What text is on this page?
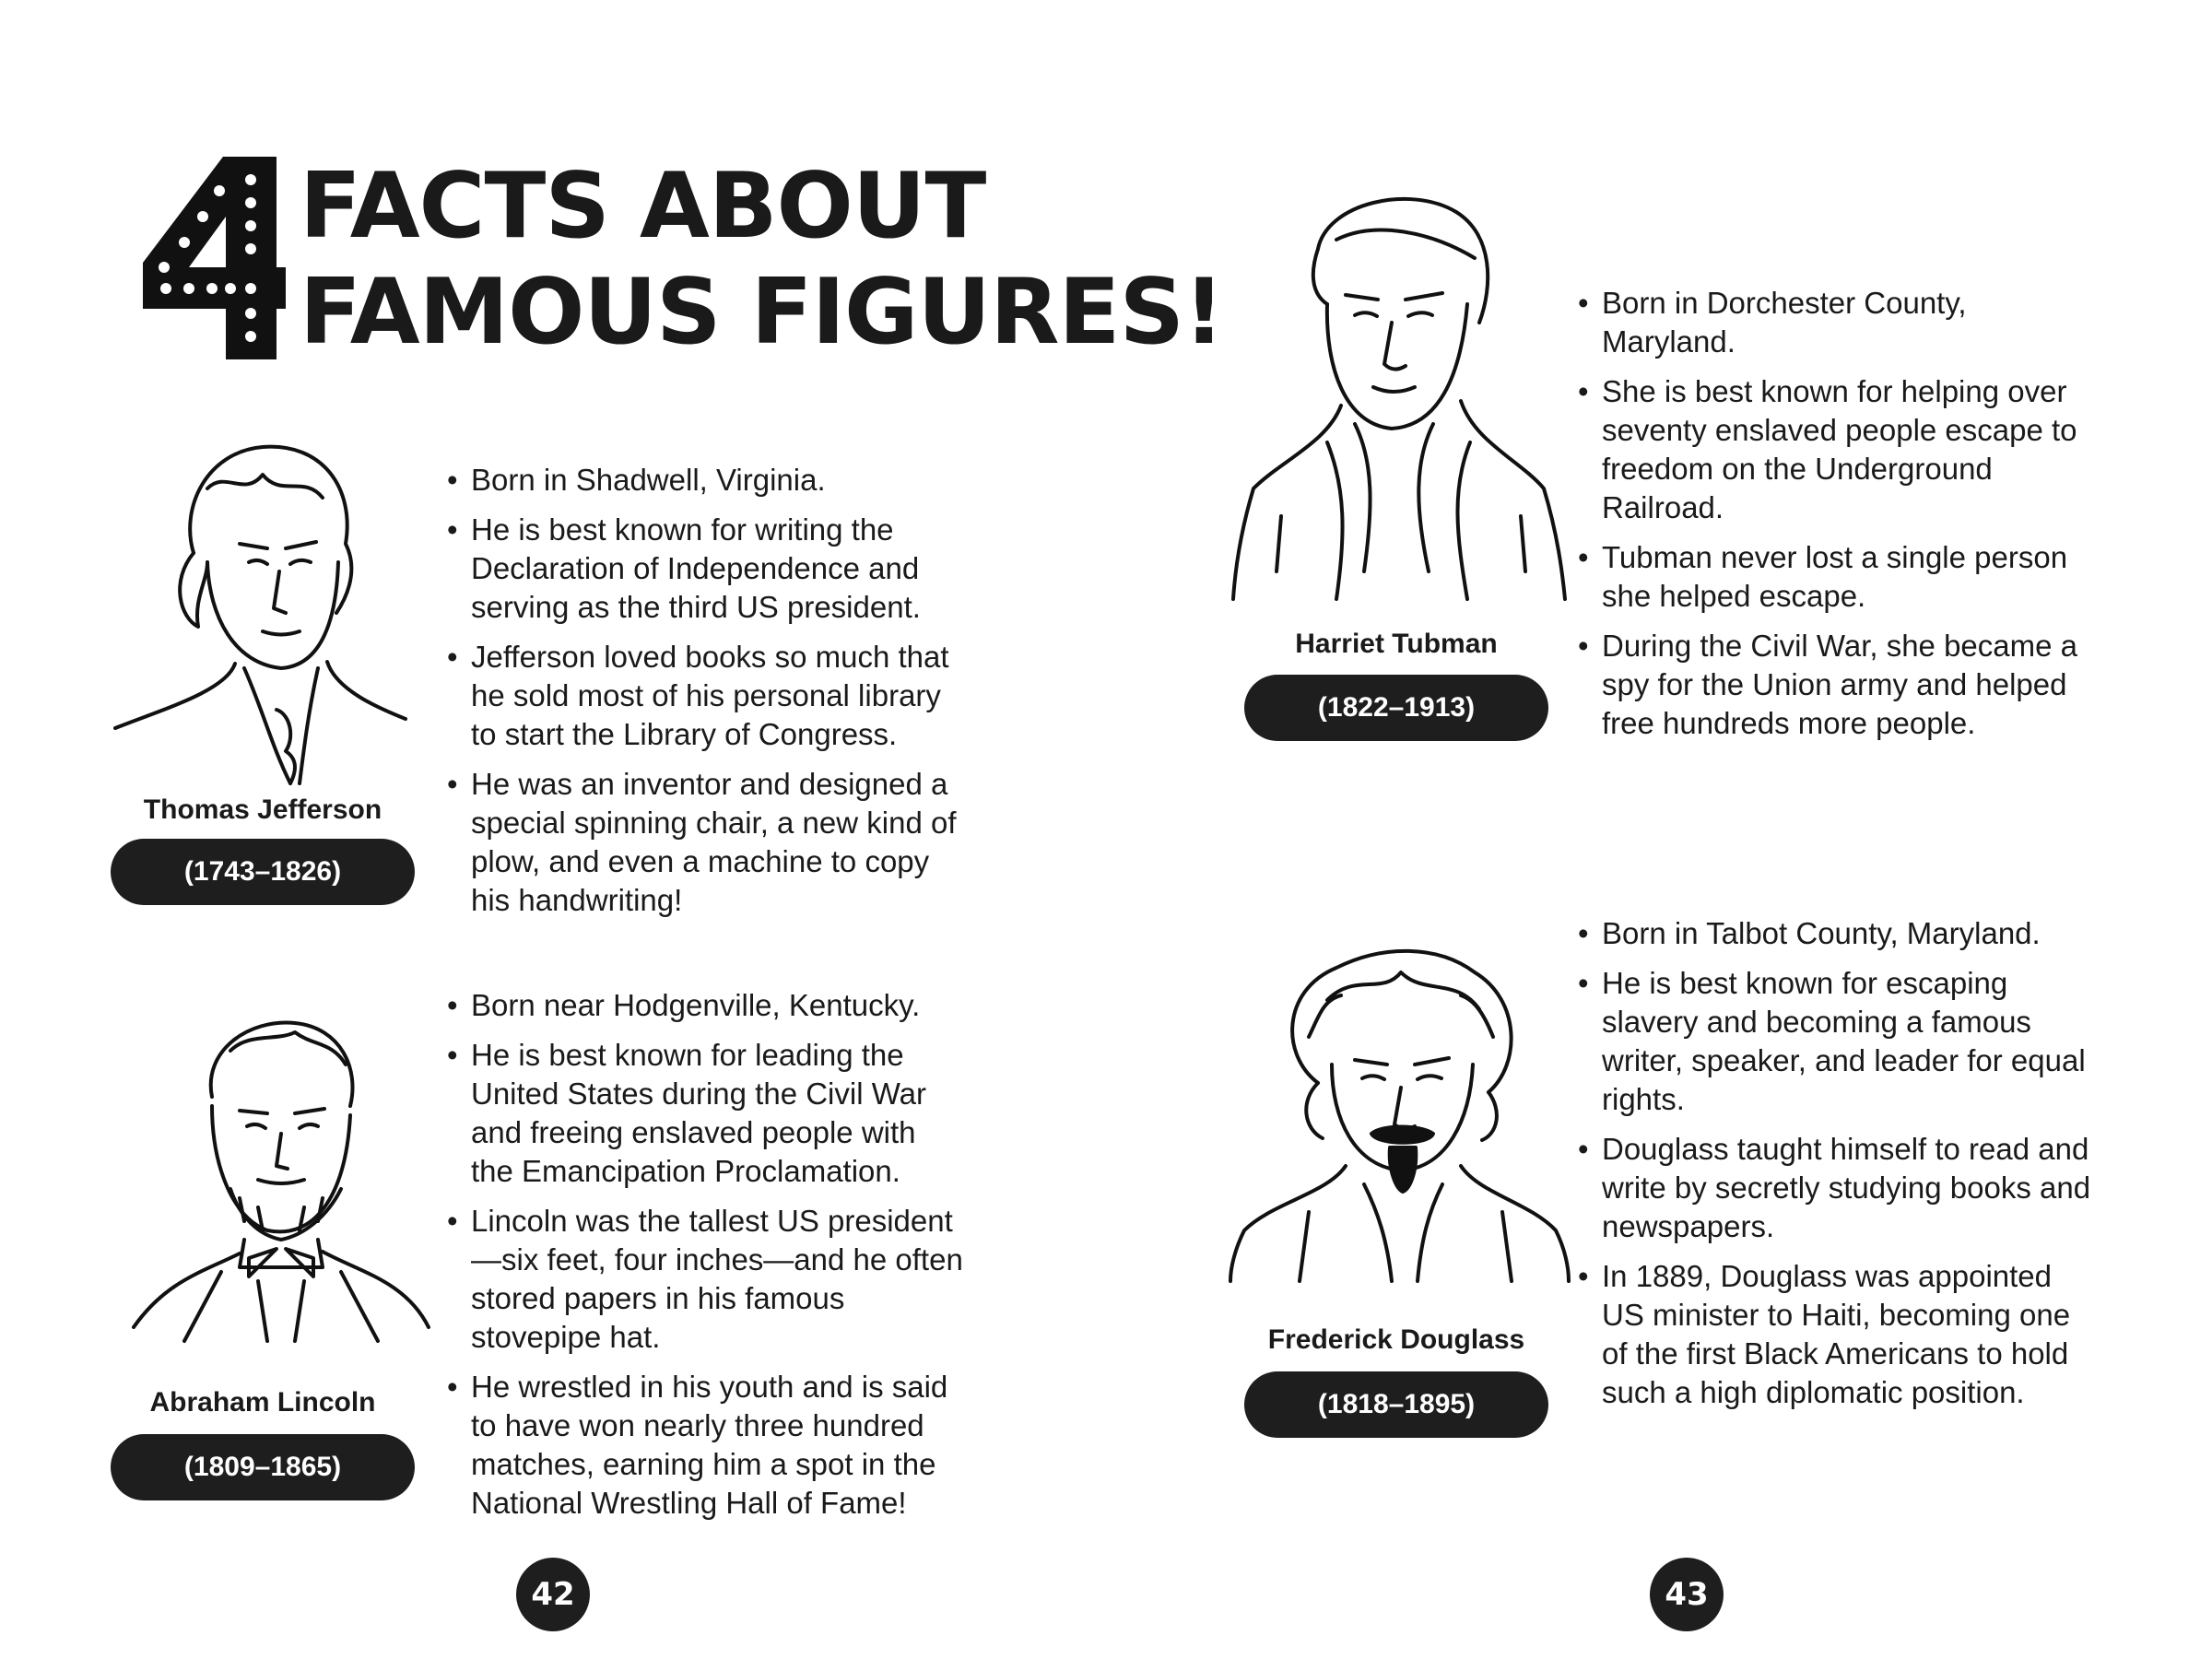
FACTS ABOUT
FAMOUS FIGURES!
Thomas Jefferson
(1743–1826)
• Born in Shadwell, Virginia.
• He is best known for writing the Declaration of Independence and serving as the third US president.
• Jefferson loved books so much that he sold most of his personal library to start the Library of Congress.
• He was an inventor and designed a special spinning chair, a new kind of plow, and even a machine to copy his handwriting!
Abraham Lincoln
(1809–1865)
• Born near Hodgenville, Kentucky.
• He is best known for leading the United States during the Civil War and freeing enslaved people with the Emancipation Proclamation.
• Lincoln was the tallest US president—six feet, four inches—and he often stored papers in his famous stovepipe hat.
• He wrestled in his youth and is said to have won nearly three hundred matches, earning him a spot in the National Wrestling Hall of Fame!
Harriet Tubman
(1822–1913)
• Born in Dorchester County, Maryland.
• She is best known for helping over seventy enslaved people escape to freedom on the Underground Railroad.
• Tubman never lost a single person she helped escape.
• During the Civil War, she became a spy for the Union army and helped free hundreds more people.
Frederick Douglass
(1818–1895)
• Born in Talbot County, Maryland.
• He is best known for escaping slavery and becoming a famous writer, speaker, and leader for equal rights.
• Douglass taught himself to read and write by secretly studying books and newspapers.
• In 1889, Douglass was appointed US minister to Haiti, becoming one of the first Black Americans to hold such a high diplomatic position.
42	43
